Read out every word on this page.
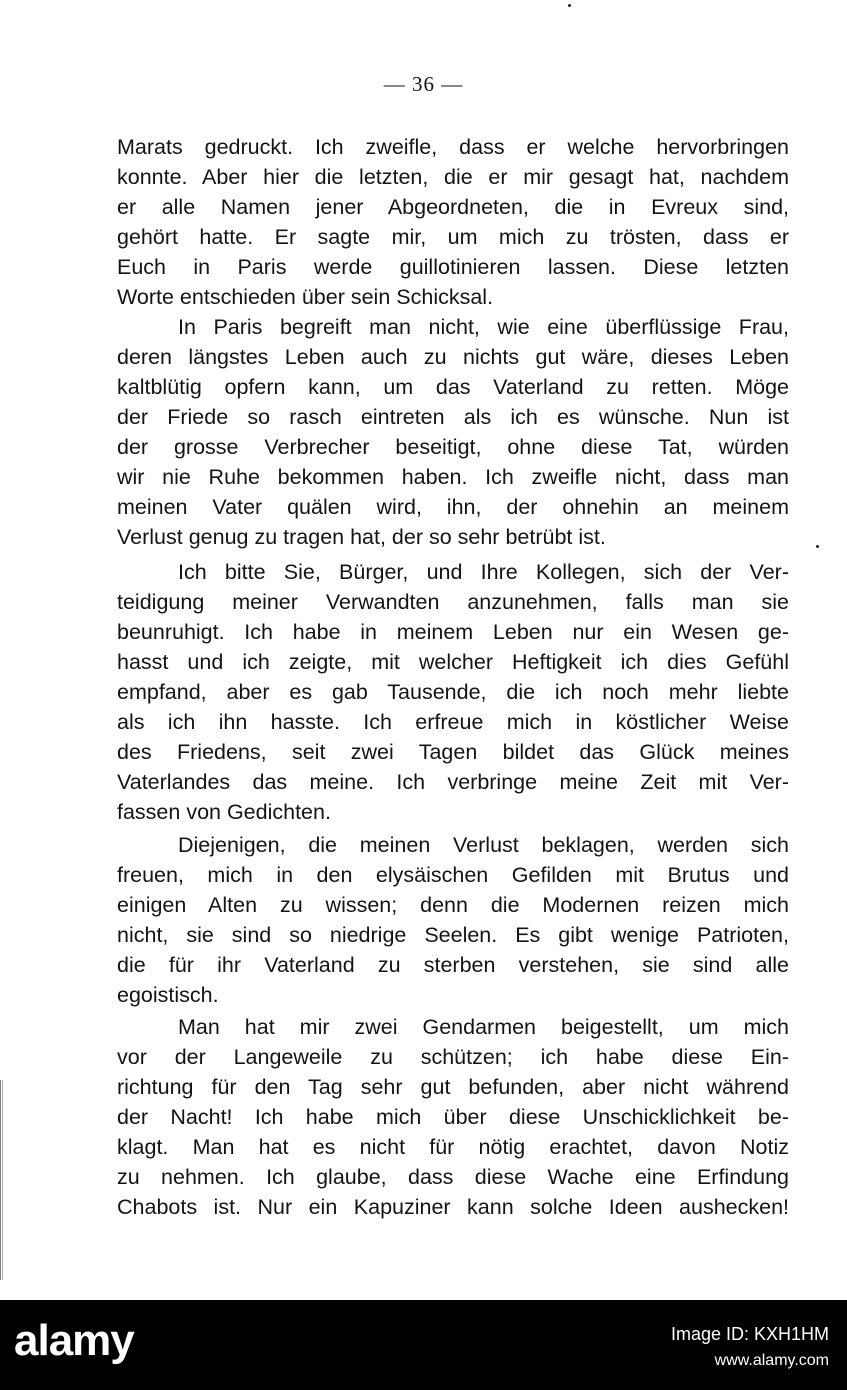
— 36 —
Marats gedruckt. Ich zweifle, dass er welche hervorbringen
konnte. Aber hier die letzten, die er mir gesagt hat, nachdem
er alle Namen jener Abgeordneten, die in Evreux sind,
gehört hatte. Er sagte mir, um mich zu trösten, dass er
Euch in Paris werde guillotinieren lassen. Diese letzten
Worte entschieden über sein Schicksal.
In Paris begreift man nicht, wie eine überflüssige Frau,
deren längstes Leben auch zu nichts gut wäre, dieses Leben
kaltblütig opfern kann, um das Vaterland zu retten. Möge
der Friede so rasch eintreten als ich es wünsche. Nun ist
der grosse Verbrecher beseitigt, ohne diese Tat, würden
wir nie Ruhe bekommen haben. Ich zweifle nicht, dass man
meinen Vater quälen wird, ihn, der ohnehin an meinem
Verlust genug zu tragen hat, der so sehr betrübt ist.
Ich bitte Sie, Bürger, und Ihre Kollegen, sich der Ver-
teidigung meiner Verwandten anzunehmen, falls man sie
beunruhigt. Ich habe in meinem Leben nur ein Wesen ge-
hasst und ich zeigte, mit welcher Heftigkeit ich dies Gefühl
empfand, aber es gab Tausende, die ich noch mehr liebte
als ich ihn hasste. Ich erfreue mich in köstlicher Weise
des Friedens, seit zwei Tagen bildet das Glück meines
Vaterlandes das meine. Ich verbringe meine Zeit mit Ver-
fassen von Gedichten.
Diejenigen, die meinen Verlust beklagen, werden sich
freuen, mich in den elysäischen Gefilden mit Brutus und
einigen Alten zu wissen; denn die Modernen reizen mich
nicht, sie sind so niedrige Seelen. Es gibt wenige Patrioten,
die für ihr Vaterland zu sterben verstehen, sie sind alle
egoistisch.
Man hat mir zwei Gendarmen beigestellt, um mich
vor der Langeweile zu schützen; ich habe diese Ein-
richtung für den Tag sehr gut befunden, aber nicht während
der Nacht! Ich habe mich über diese Unschicklichkeit be-
klagt. Man hat es nicht für nötig erachtet, davon Notiz
zu nehmen. Ich glaube, dass diese Wache eine Erfindung
Chabots ist. Nur ein Kapuziner kann solche Ideen aushecken!
alamy	Image ID: KXH1HM
www.alamy.com
